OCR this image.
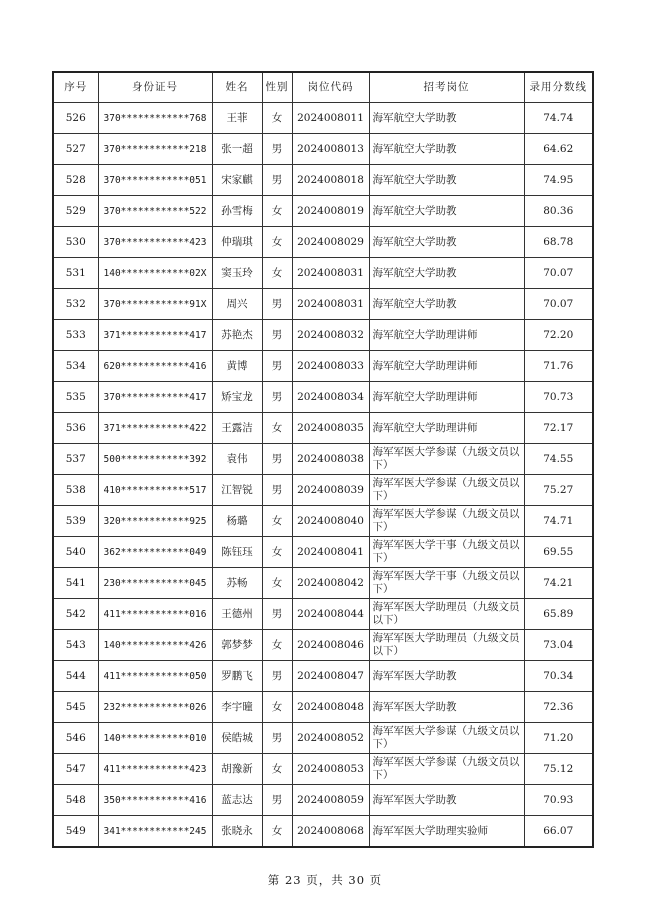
序号	身份证号	姓名	性别	岗位代码	招考岗位	录用分数线
526	370************768	王菲	女	2024008011	海军航空大学助教	74.74
527	370************218	张一超	男	2024008013	海军航空大学助教	64.62
528	370************051	宋家麒	男	2024008018	海军航空大学助教	74.95
529	370************522	孙雪梅	女	2024008019	海军航空大学助教	80.36
530	370************423	仲瑞琪	女	2024008029	海军航空大学助教	68.78
531	140************02X	窦玉玲	女	2024008031	海军航空大学助教	70.07
532	370************91X	周兴	男	2024008031	海军航空大学助教	70.07
533	371************417	苏艳杰	男	2024008032	海军航空大学助理讲师	72.20
534	620************416	黄博	男	2024008033	海军航空大学助理讲师	71.76
535	370************417	矫宝龙	男	2024008034	海军航空大学助理讲师	70.73
536	371************422	王露洁	女	2024008035	海军航空大学助理讲师	72.17
537	500************392	袁伟	男	2024008038	海军军医大学参谋（九级文员以下）	74.55
538	410************517	江智锐	男	2024008039	海军军医大学参谋（九级文员以下）	75.27
539	320************925	杨璐	女	2024008040	海军军医大学参谋（九级文员以下）	74.71
540	362************049	陈钰珏	女	2024008041	海军军医大学干事（九级文员以下）	69.55
541	230************045	苏畅	女	2024008042	海军军医大学干事（九级文员以下）	74.21
542	411************016	王德州	男	2024008044	海军军医大学助理员（九级文员以下）	65.89
543	140************426	郭梦梦	女	2024008046	海军军医大学助理员（九级文员以下）	73.04
544	411************050	罗鹏飞	男	2024008047	海军军医大学助教	70.34
545	232************026	李宇曈	女	2024008048	海军军医大学助教	72.36
546	140************010	侯皓城	男	2024008052	海军军医大学参谋（九级文员以下）	71.20
547	411************423	胡豫新	女	2024008053	海军军医大学参谋（九级文员以下）	75.12
548	350************416	蓝志达	男	2024008059	海军军医大学助教	70.93
549	341************245	张晓永	女	2024008068	海军军医大学助理实验师	66.07
第 23 页，共 30 页
